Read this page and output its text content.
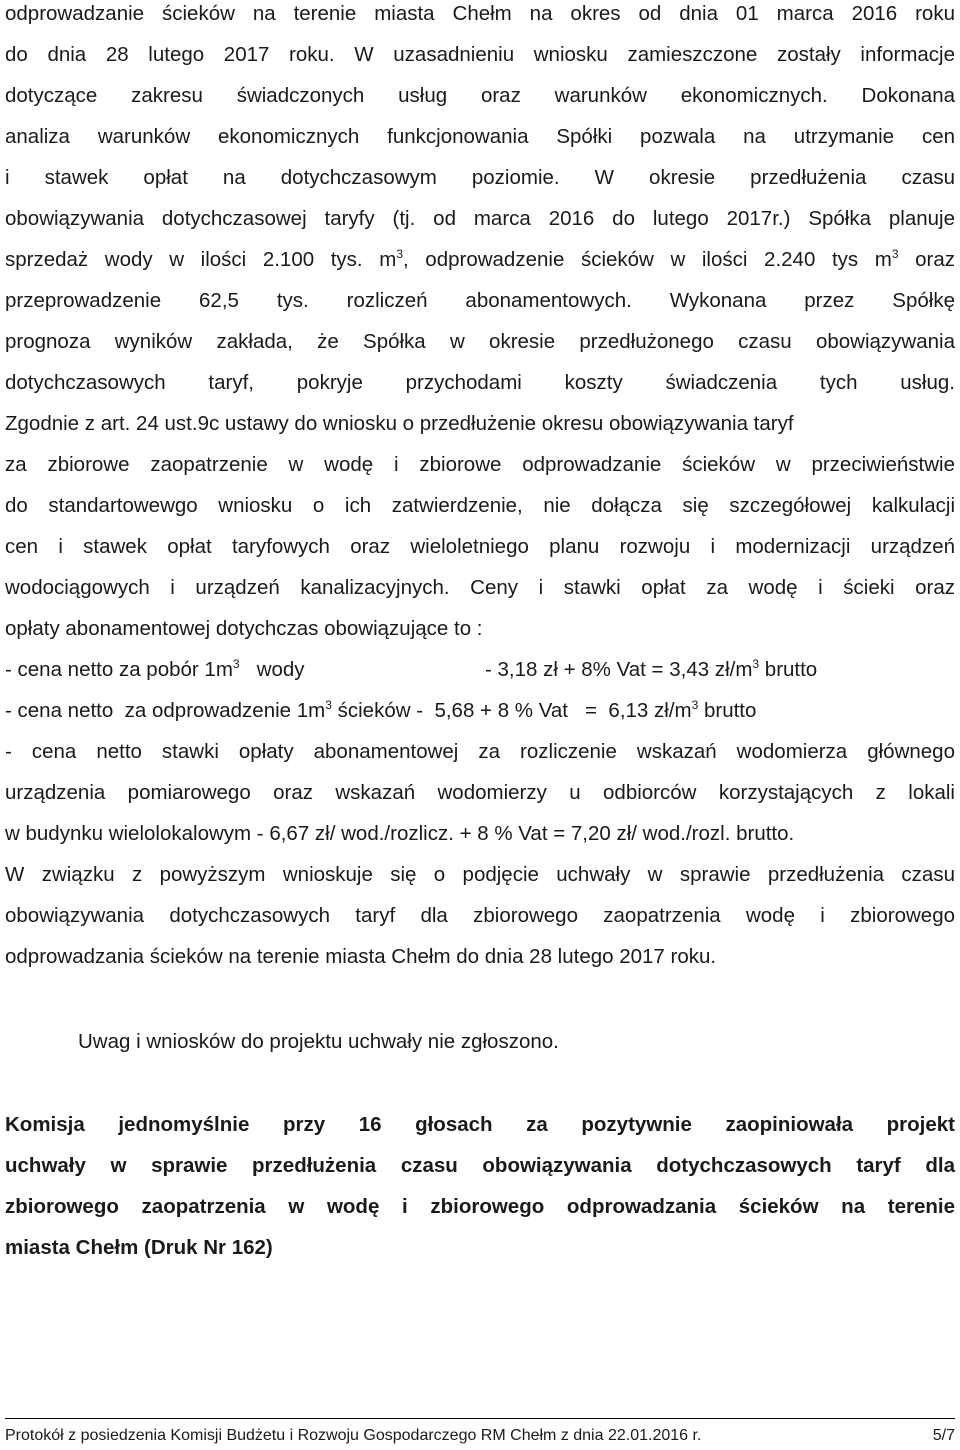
odprowadzanie ścieków na terenie miasta Chełm na okres od dnia 01 marca 2016 roku
do dnia 28 lutego 2017 roku. W uzasadnieniu wniosku zamieszczone zostały informacje
dotyczące zakresu świadczonych usług oraz warunków ekonomicznych. Dokonana
analiza warunków ekonomicznych funkcjonowania Spółki pozwala na utrzymanie cen
i stawek opłat na dotychczasowym poziomie. W okresie przedłużenia czasu
obowiązywania dotychczasowej taryfy (tj. od marca 2016 do lutego 2017r.) Spółka planuje
sprzedaż wody w ilości 2.100 tys. $m^3$, odprowadzenie ścieków w ilości 2.240 tys $m^3$ oraz
przeprowadzenie 62,5 tys. rozliczeń abonamentowych. Wykonana przez Spółkę
prognoza wyników zakłada, że Spółka w okresie przedłużonego czasu obowiązywania
dotychczasowych taryf, pokryje przychodami koszty świadczenia tych usług.
Zgodnie z art. 24 ust.9c ustawy do wniosku o przedłużenie okresu obowiązywania taryf
za zbiorowe zaopatrzenie w wodę i zbiorowe odprowadzanie ścieków w przeciwieństwie
do standartowewgo wniosku o ich zatwierdzenie, nie dołącza się szczegółowej kalkulacji
cen i stawek opłat taryfowych oraz wieloletniego planu rozwoju i modernizacji urządzeń
wodociągowych i urządzeń kanalizacyjnych. Ceny i stawki opłat za wodę i ścieki oraz
opłaty abonamentowej dotychczas obowiązujące to :
- cena netto za pobór $1m^3$   wody	- 3,18 zł + 8% Vat = 3,43 $zł/m^3$ brutto
- cena netto  za odprowadzenie $1m^3$ ścieków -  5,68 + 8 % Vat   =  6,13 $zł/m^3$ brutto
- cena netto stawki opłaty abonamentowej za rozliczenie wskazań wodomierza głównego
urządzenia pomiarowego oraz wskazań wodomierzy u odbiorców korzystających z lokali
w budynku wielolokalowym - 6,67 zł/ wod./rozlicz. + 8 % Vat = 7,20 zł/ wod./rozl. brutto.
W związku z powyższym wnioskuje się o podjęcie uchwały w sprawie przedłużenia czasu
obowiązywania dotychczasowych taryf dla zbiorowego zaopatrzenia wodę i zbiorowego
odprowadzania ścieków na terenie miasta Chełm do dnia 28 lutego 2017 roku.
Uwag i wniosków do projektu uchwały nie zgłoszono.
Komisja jednomyślnie przy 16 głosach za pozytywnie zaopiniowała projekt
uchwały w sprawie przedłużenia czasu obowiązywania dotychczasowych taryf dla
zbiorowego zaopatrzenia w wodę i zbiorowego odprowadzania ścieków na terenie
miasta Chełm (Druk Nr 162)
Protokół z posiedzenia Komisji Budżetu i Rozwoju Gospodarczego RM Chełm z dnia 22.01.2016 r.	5/7
